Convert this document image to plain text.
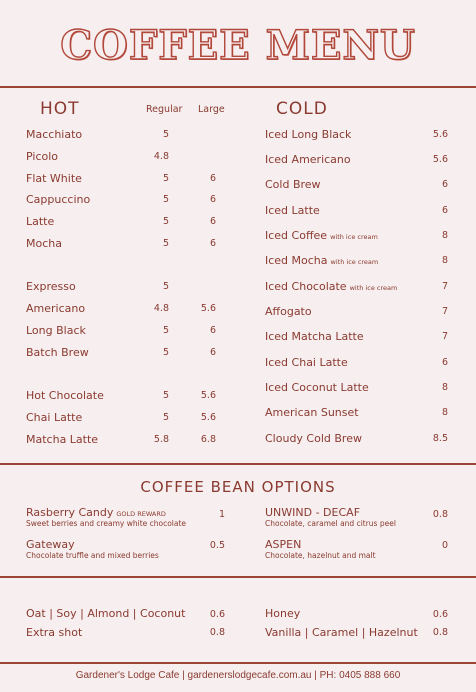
COFFEE MENU
HOT	Regular Large
Macchiato	5
Picolo	4.8
Flat White	5	6
Cappuccino	5	6
Latte	5	6
Mocha	5	6
Expresso	5
Americano	4.8	5.6
Long Black	5	6
Batch Brew	5	6
Hot Chocolate	5	5.6
Chai Latte	5	5.6
Matcha Latte	5.8	6.8
COLD
Iced Long Black	5.6
Iced Americano	5.6
Cold Brew	6
Iced Latte	6
Iced Coffee with ice cream	8
Iced Mocha with ice cream	8
Iced Chocolate with ice cream	7
Affogato	7
Iced Matcha Latte	7
Iced Chai Latte	6
Iced Coconut Latte	8
American Sunset	8
Cloudy Cold Brew	8.5
COFFEE BEAN OPTIONS
Rasberry Candy GOLD REWARD
Sweet berries and creamy white chocolate
1
Gateway
Chocolate truffle and mixed berries
0.5
UNWIND - DECAF
Chocolate, caramel and citrus peel
0.8
ASPEN
Chocolate, hazelnut and malt
0
Oat | Soy | Almond | Coconut	0.6
Extra shot	0.8
Honey	0.6
Vanilla | Caramel | Hazelnut	0.8
Gardener's Lodge Cafe | gardenerslodgecafe.com.au | PH: 0405 888 660
